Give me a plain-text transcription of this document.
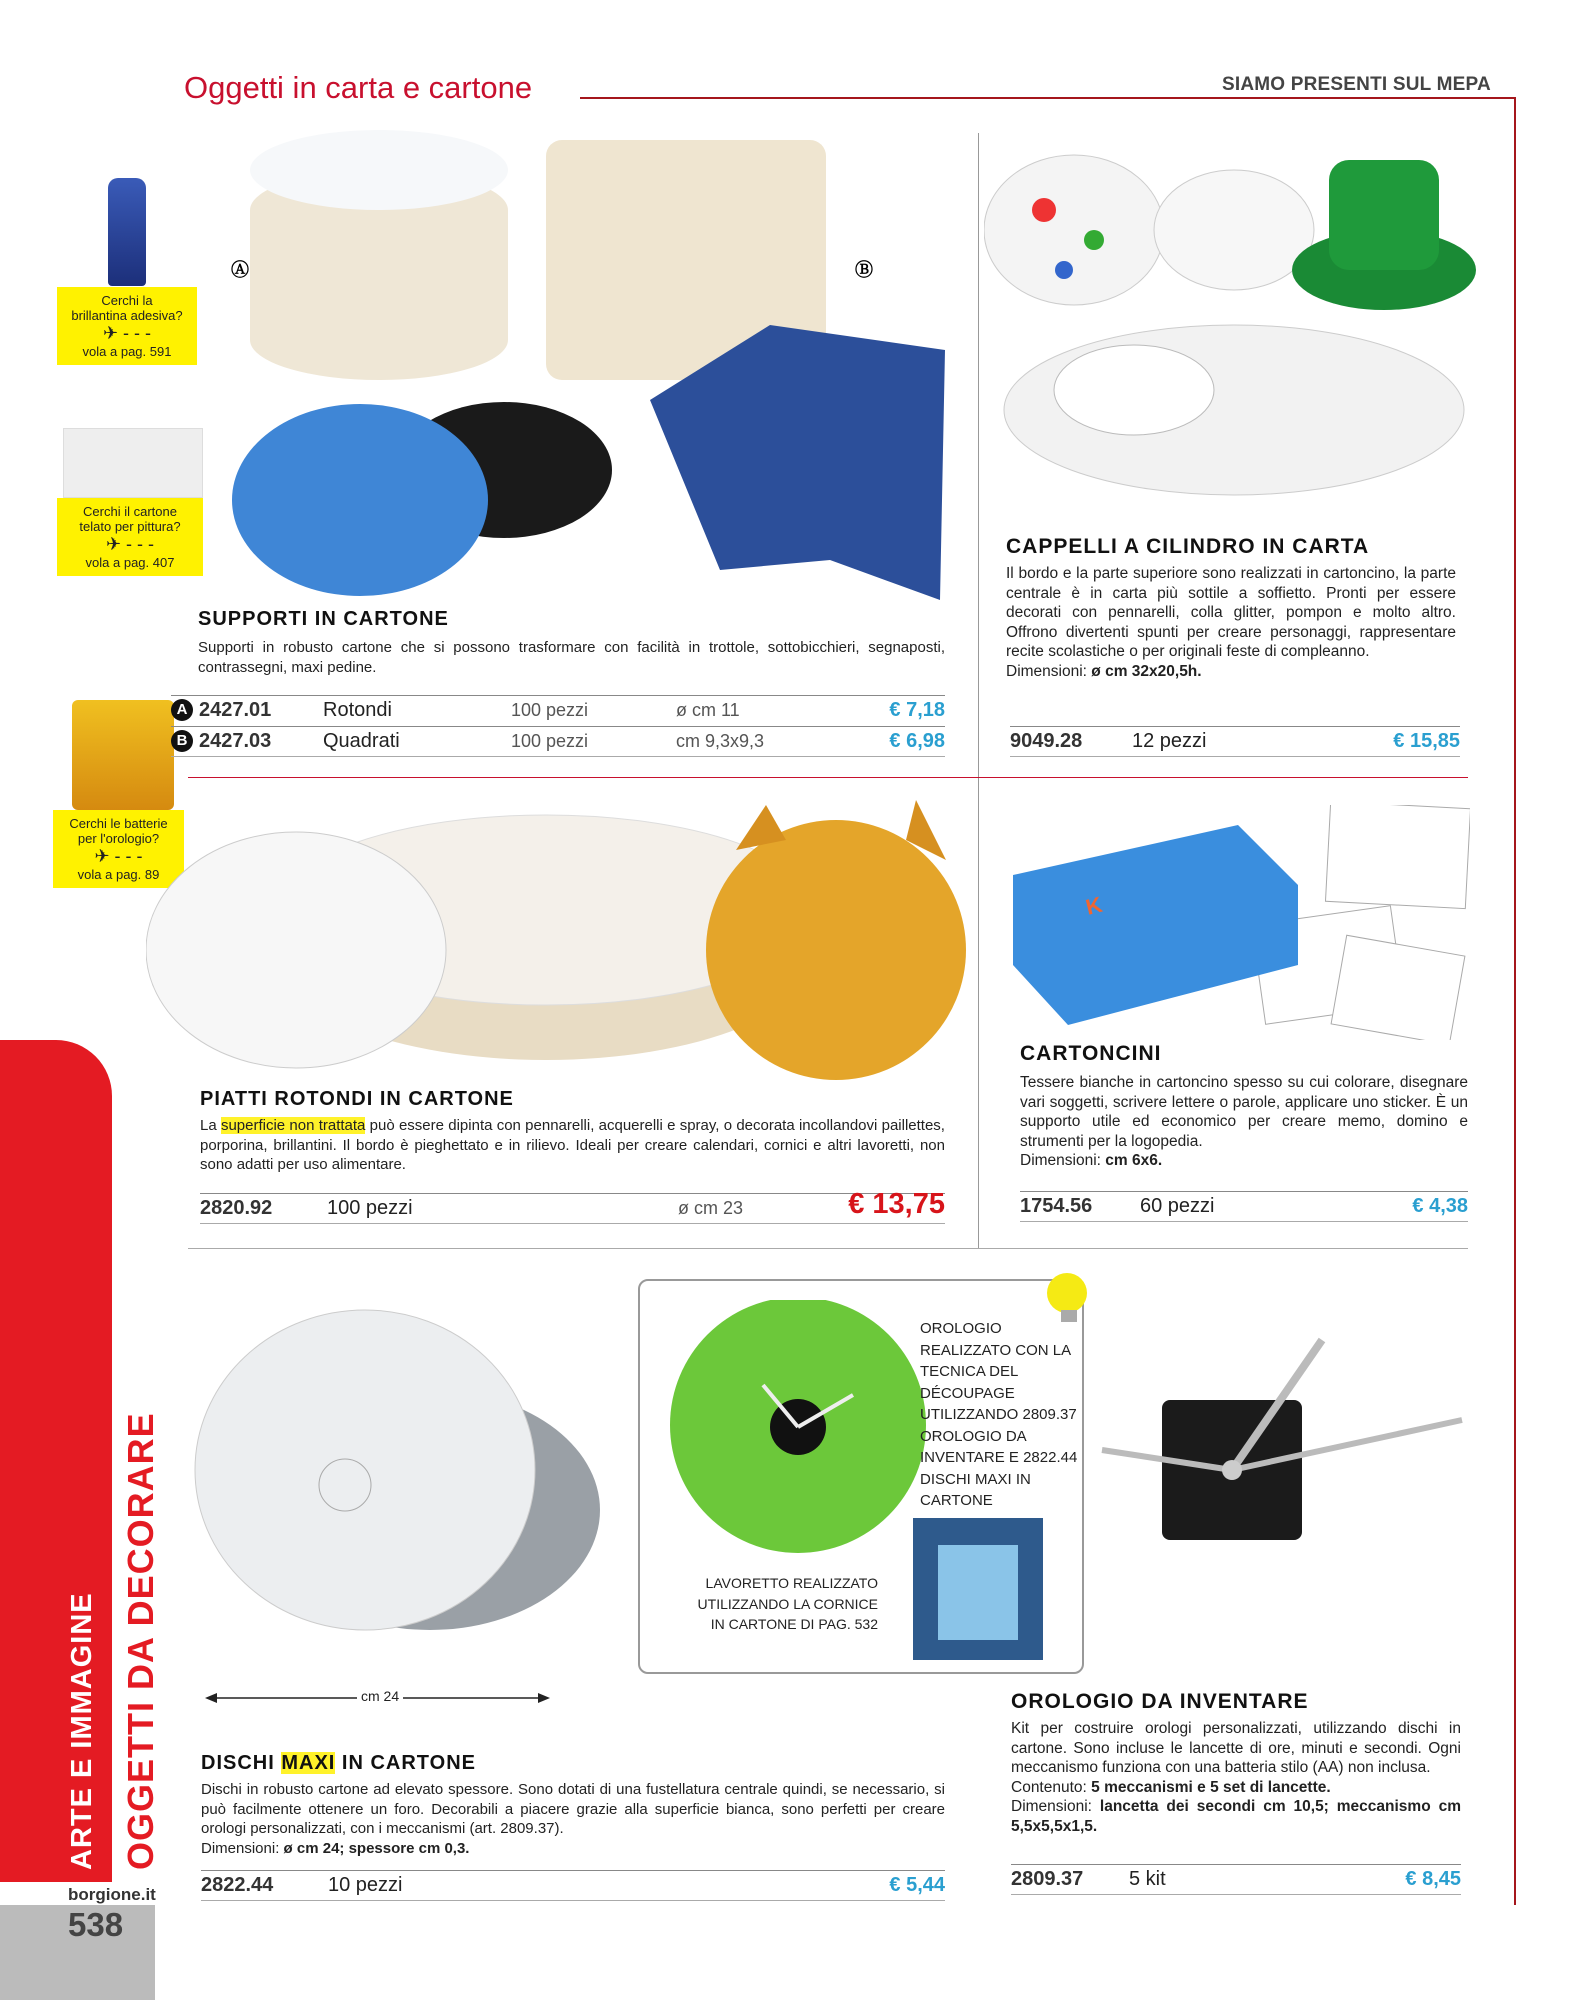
Oggetti in carta e cartone	SIAMO PRESENTI SUL MEPA
ARTE E IMMAGINE OGGETTI DA DECORARE
borgione.it
538
Cerchi la
brillantina adesiva?
✈ - - -
vola a pag. 591
Cerchi il cartone
telato per pittura?
✈ - - -
vola a pag. 407
Cerchi le batterie
per l'orologio?
✈ - - -
vola a pag. 89
Ⓐ	Ⓑ
SUPPORTI IN CARTONE
Supporti in robusto cartone che si possono trasformare con facilità in trottole, sottobicchieri, segnaposti, contrassegni, maxi pedine.
A 2427.01	Rotondi	100 pezzi	ø cm 11	€ 7,18
B 2427.03	Quadrati	100 pezzi	cm 9,3x9,3	€ 6,98
CAPPELLI A CILINDRO IN CARTA
Il bordo e la parte superiore sono realizzati in cartoncino, la parte centrale è in carta più sottile a soffietto. Pronti per essere decorati con pennarelli, colla glitter, pompon e molto altro. Offrono divertenti spunti per creare personaggi, rappresentare recite scolastiche o per originali feste di compleanno.
Dimensioni: ø cm 32x20,5h.
9049.28 12 pezzi	€ 15,85
PIATTI ROTONDI IN CARTONE
La superficie non trattata può essere dipinta con pennarelli, acquerelli e spray, o decorata incollandovi paillettes, porporina, brillantini. Il bordo è pieghettato e in rilievo. Ideali per creare calendari, cornici e altri lavoretti, non sono adatti per uso alimentare.
2820.92	100 pezzi	ø cm 23	€ 13,75
K
CARTONCINI
Tessere bianche in cartoncino spesso su cui colorare, disegnare vari soggetti, scrivere lettere o parole, applicare uno sticker. È un supporto utile ed economico per creare memo, domino e strumenti per la logopedia.
Dimensioni: cm 6x6.
1754.56 60 pezzi	€ 4,38
cm 24
DISCHI MAXI IN CARTONE
Dischi in robusto cartone ad elevato spessore. Sono dotati di una fustellatura centrale quindi, se necessario, si può facilmente ottenere un foro. Decorabili a piacere grazie alla superficie bianca, sono perfetti per creare orologi personalizzati, con i meccanismi (art. 2809.37).
Dimensioni: ø cm 24; spessore cm 0,3.
2822.44	10 pezzi	€ 5,44
OROLOGIO REALIZZATO CON LA TECNICA DEL DÉCOUPAGE UTILIZZANDO 2809.37 OROLOGIO DA INVENTARE E 2822.44 DISCHI MAXI IN CARTONE
LAVORETTO REALIZZATO UTILIZZANDO LA CORNICE IN CARTONE DI PAG. 532
OROLOGIO DA INVENTARE
Kit per costruire orologi personalizzati, utilizzando dischi in cartone. Sono incluse le lancette di ore, minuti e secondi. Ogni meccanismo funziona con una batteria stilo (AA) non inclusa.
Contenuto: 5 meccanismi e 5 set di lancette.
Dimensioni: lancetta dei secondi cm 10,5; meccanismo cm 5,5x5,5x1,5.
2809.37 5 kit	€ 8,45
